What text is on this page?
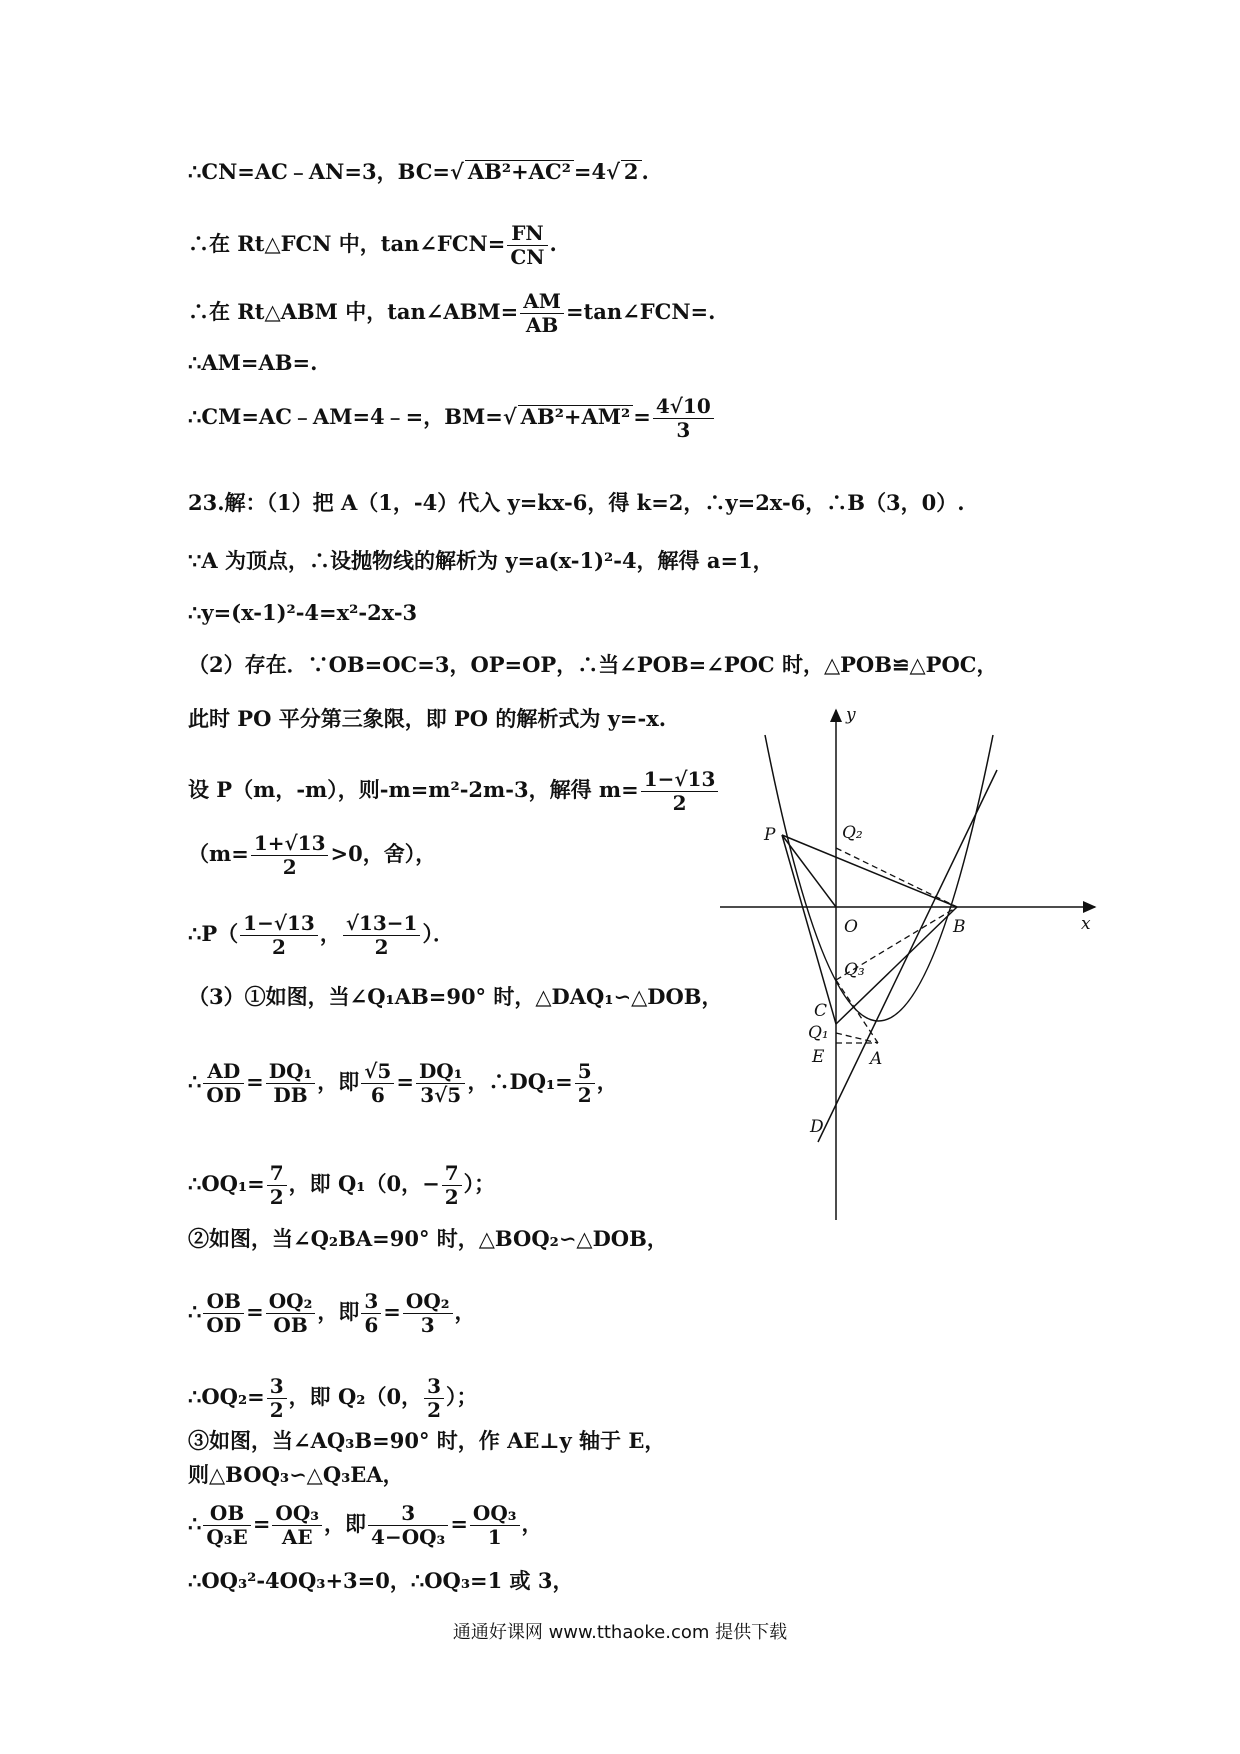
∴CN=AC﹣AN=3，BC=√ AB²+AC² =4√ 2 .
∴在 Rt△FCN 中，tan∠FCN= $\frac{FN}{CN}$ .
∴在 Rt△ABM 中，tan∠ABM= $\frac{AM}{AB}$ =tan∠FCN=.
∴AM=AB=.
∴CM=AC﹣AM=4﹣=，BM=√ $AB^2+AM^2 = \frac{4√10}{3}$
23.解：（1）把 A（1，-4）代入 y=kx-6，得 k=2，∴y=2x-6，∴B（3，0）.
∵A 为顶点，∴设抛物线的解析为 y=a(x-1)²-4，解得 a=1，
∴y=(x-1)²-4=x²-2x-3
（2）存在．∵OB=OC=3，OP=OP，∴当∠POB=∠POC 时，△POB≌△POC，
此时 PO 平分第三象限，即 PO 的解析式为 y=-x.
设 P（m，-m），则-m=m²-2m-3，解得 $m= \frac{1-√13}{2}$
（$m= \frac{1+√13}{2} >0$，舍），
∴P（ $\frac{1-√13}{2}$ ， $\frac{√13-1}{2}$ ）．
（3）①如图，当∠Q₁AB=90° 时，△DAQ₁∽△DOB，
∴ $\frac{AD}{OD} = \frac{\text{DQ₁}}{DB}$ ，即 $\frac{√5}{6} = \frac{\text{DQ₁}}{3√5}$ ，∴DQ₁= $\frac{5}{2}$ ，
∴OQ₁= $\frac{7}{2}$ ，即 Q₁（0，− $\frac{7}{2}$ ）；
②如图，当∠Q₂BA=90° 时，△BOQ₂∽△DOB，
∴ $\frac{OB}{OD} = \frac{\text{OQ₂}}{OB}$ ，即 $\frac{3}{6} = \frac{\text{OQ₂}}{3}$ ，
∴OQ₂= $\frac{3}{2}$ ，即 Q₂（0， $\frac{3}{2}$ ）；
③如图，当∠AQ₃B=90° 时，作 AE⊥y 轴于 E，
则△BOQ₃∽△Q₃EA，
∴ $\frac{OB}{\text{Q₃E}} = \frac{\text{OQ₃}}{AE}$ ，即 $\frac{3}{\text{4−OQ₃}} = \frac{\text{OQ₃}}{1}$ ，
∴OQ₃²-4OQ₃+3=0，∴OQ₃=1 或 3，
x
y
P	Q₂
O	B
Q₃
C
Q₁
E	A
D
通通好课网 www.tthaoke.com 提供下载
